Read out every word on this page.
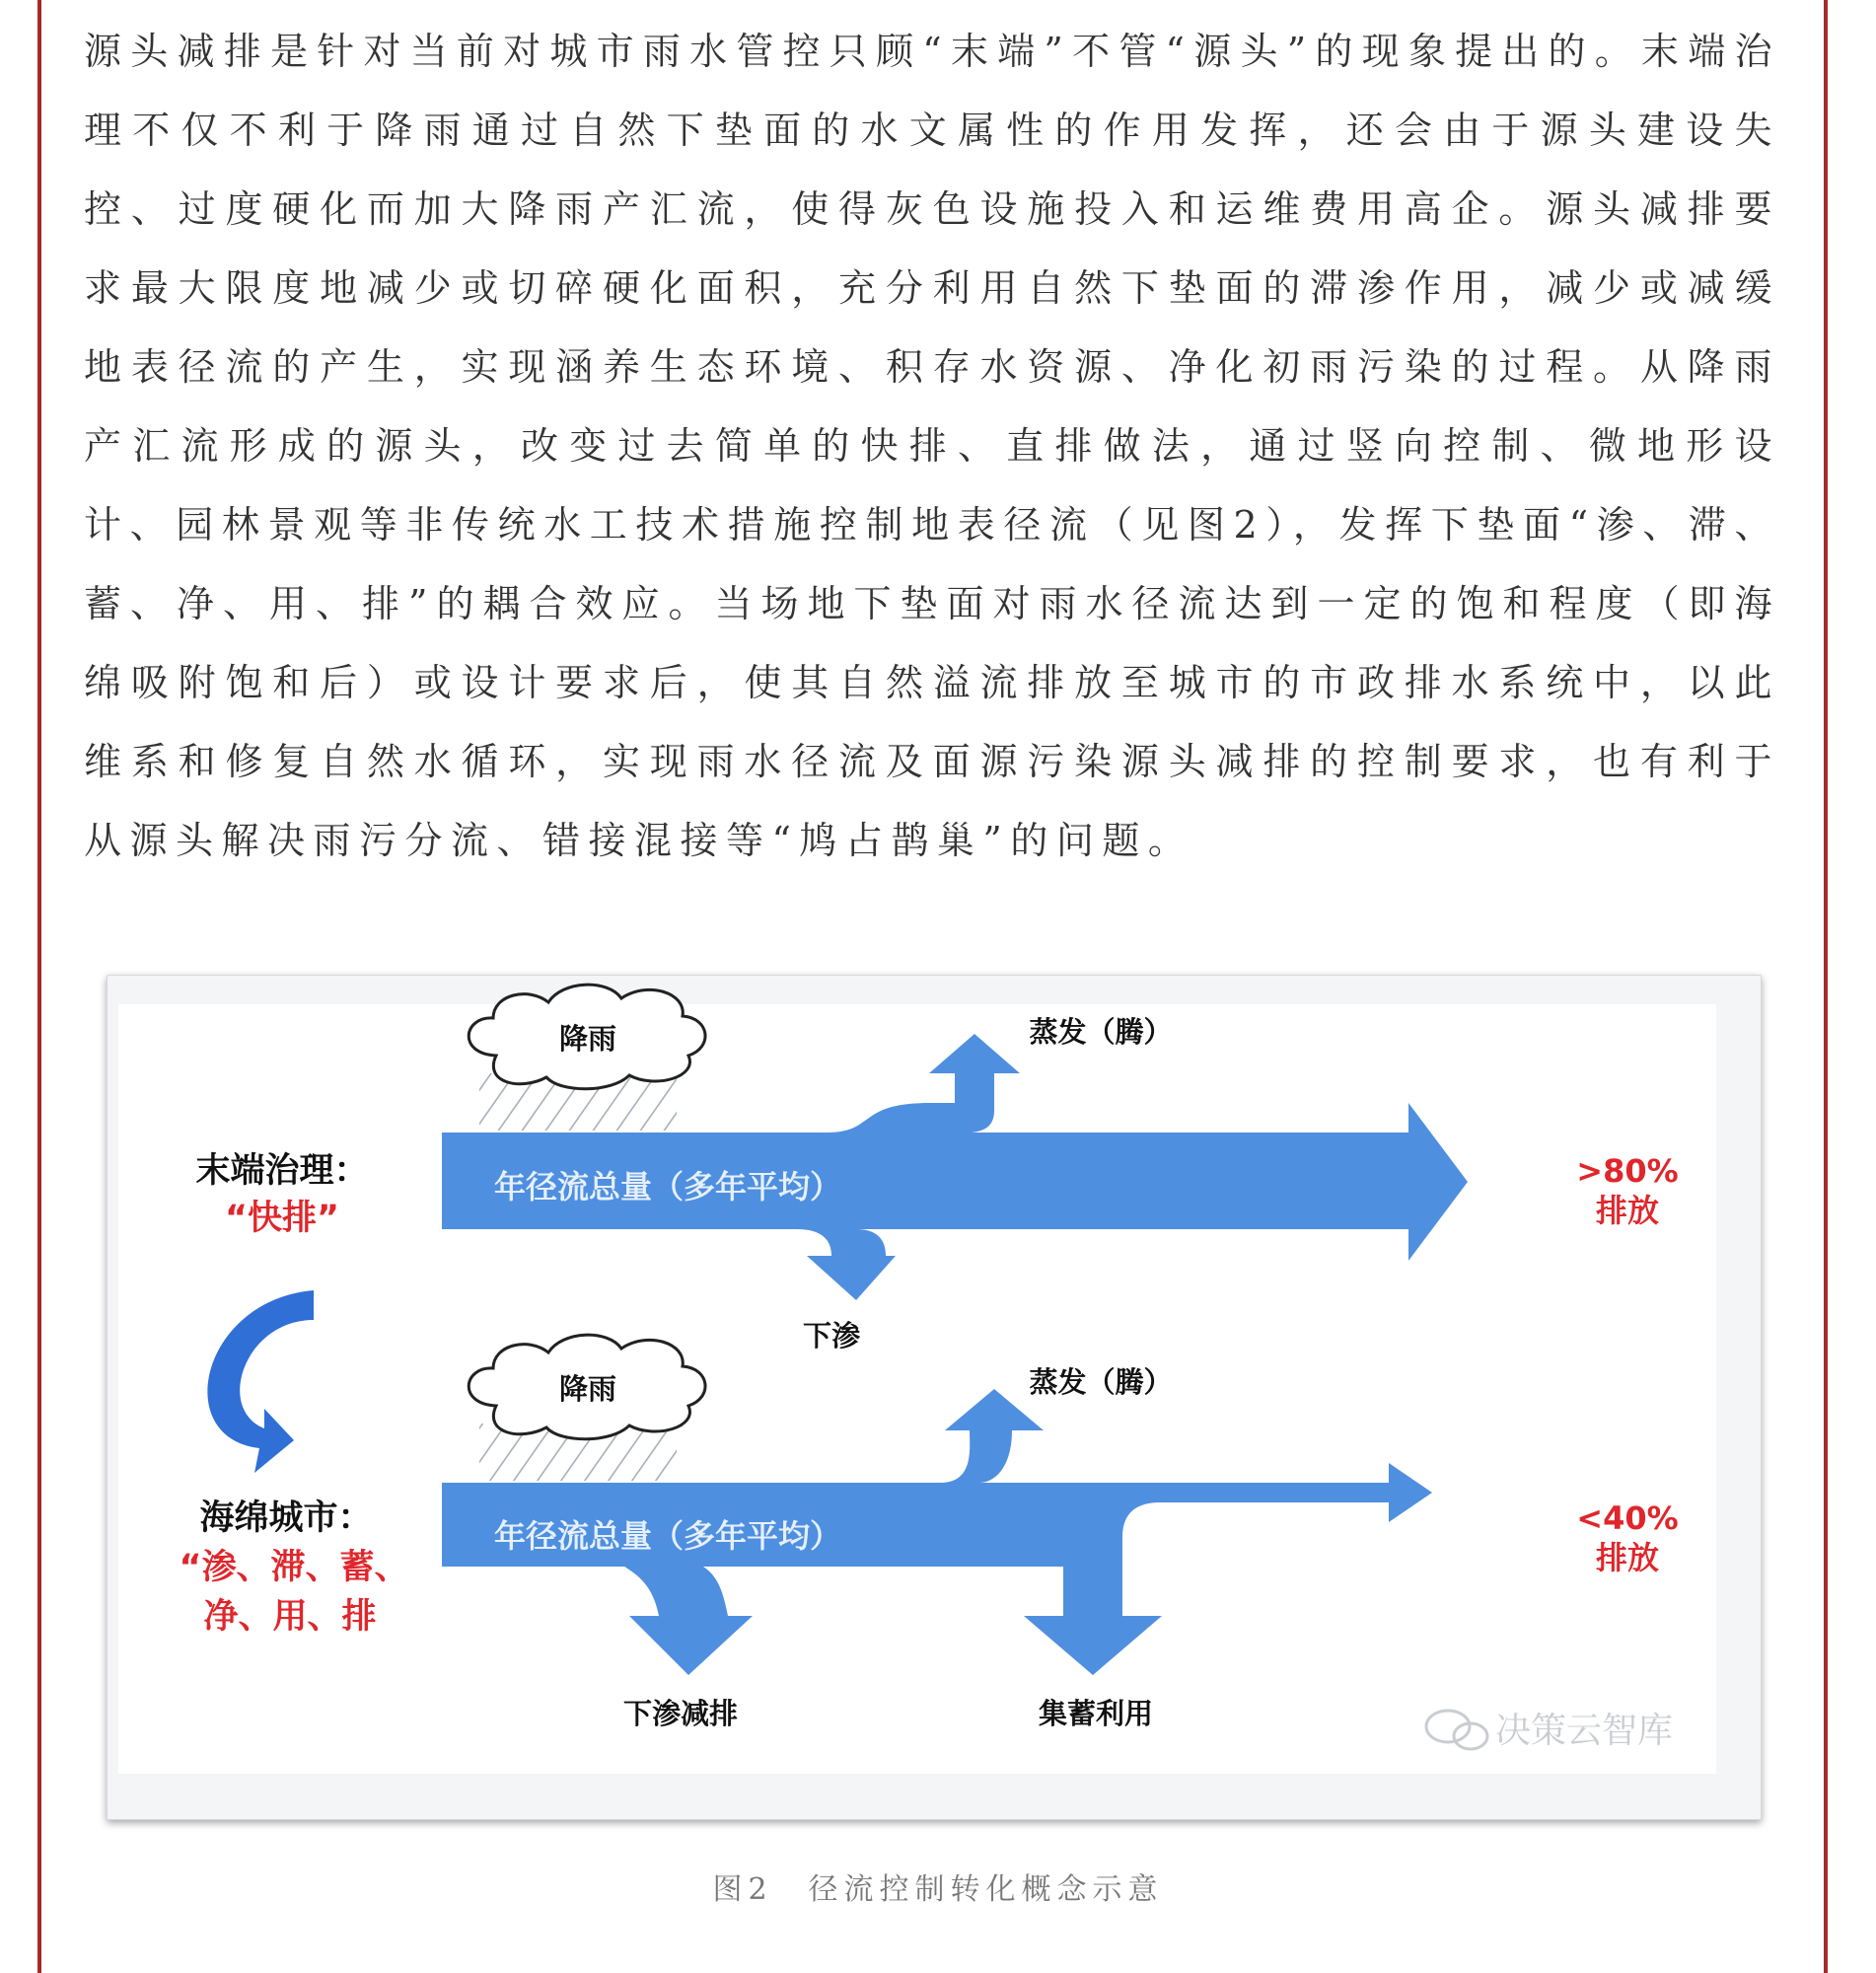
源头减排是针对当前对城市雨水管控只顾“末端”不管“源头”的现象提出的。末端治理不仅不利于降雨通过自然下垫面的水文属性的作用发挥，还会由于源头建设失控、过度硬化而加大降雨产汇流，使得灰色设施投入和运维费用高企。源头减排要求最大限度地减少或切碎硬化面积，充分利用自然下垫面的滞渗作用，减少或减缓地表径流的产生，实现涵养生态环境、积存水资源、净化初雨污染的过程。从降雨产汇流形成的源头，改变过去简单的快排、直排做法，通过竖向控制、微地形设计、园林景观等非传统水工技术措施控制地表径流（见图2），发挥下垫面“渗、滞、蓄、净、用、排”的耦合效应。当场地下垫面对雨水径流达到一定的饱和程度（即海绵吸附饱和后）或设计要求后，使其自然溢流排放至城市的市政排水系统中，以此维系和修复自然水循环，实现雨水径流及面源污染源头减排的控制要求，也有利于从源头解决雨污分流、错接混接等“鸠占鹊巢”的问题。

降雨
年径流总量（多年平均）
蒸发（腾）
下渗
末端治理：
“快排”
>80%
排放
降雨
年径流总量（多年平均）
蒸发（腾）
下渗减排	集蓄利用
海绵城市：
“渗、滞、蓄、
净、用、排
<40%
排放
决策云智库
图2　径流控制转化概念示意
